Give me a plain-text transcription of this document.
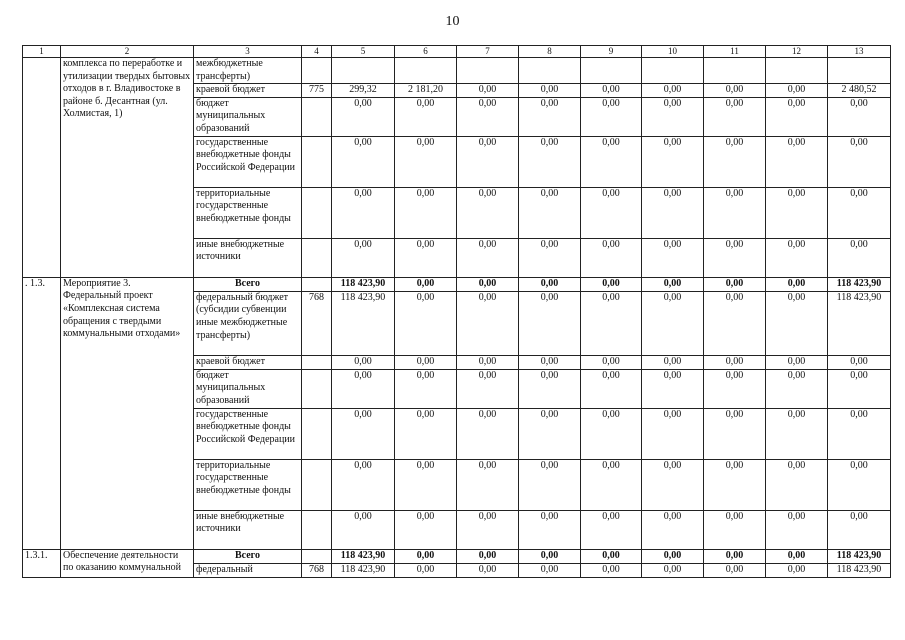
10
1	2	3	4	5	6	7	8	9	10	11	12	13
	комплекса по переработке и утилизации твердых бытовых отходов в г. Владивостоке в районе б. Десантная (ул. Холмистая, 1)	межбюджетные трансферты)										
		краевой бюджет	775	299,32	2 181,20	0,00	0,00	0,00	0,00	0,00	0,00	2 480,52
		бюджет муниципальных образований		0,00	0,00	0,00	0,00	0,00	0,00	0,00	0,00	0,00
		государственные внебюджетные фонды Российской Федерации		0,00	0,00	0,00	0,00	0,00	0,00	0,00	0,00	0,00
		территориальные государственные внебюджетные фонды		0,00	0,00	0,00	0,00	0,00	0,00	0,00	0,00	0,00
		иные внебюджетные источники		0,00	0,00	0,00	0,00	0,00	0,00	0,00	0,00	0,00
. 1.3.	Мероприятие 3. Федеральный проект «Комплексная система обращения с твердыми коммунальными отходами»	Всего		118 423,90	0,00	0,00	0,00	0,00	0,00	0,00	0,00	118 423,90
		федеральный бюджет (субсидии субвенции иные межбюджетные трансферты)	768	118 423,90	0,00	0,00	0,00	0,00	0,00	0,00	0,00	118 423,90
		краевой бюджет		0,00	0,00	0,00	0,00	0,00	0,00	0,00	0,00	0,00
		бюджет муниципальных образований		0,00	0,00	0,00	0,00	0,00	0,00	0,00	0,00	0,00
		государственные внебюджетные фонды Российской Федерации		0,00	0,00	0,00	0,00	0,00	0,00	0,00	0,00	0,00
		территориальные государственные внебюджетные фонды		0,00	0,00	0,00	0,00	0,00	0,00	0,00	0,00	0,00
		иные внебюджетные источники		0,00	0,00	0,00	0,00	0,00	0,00	0,00	0,00	0,00
1.3.1.	Обеспечение деятельности по оказанию коммунальной	Всего		118 423,90	0,00	0,00	0,00	0,00	0,00	0,00	0,00	118 423,90
		федеральный	768	118 423,90	0,00	0,00	0,00	0,00	0,00	0,00	0,00	118 423,90
